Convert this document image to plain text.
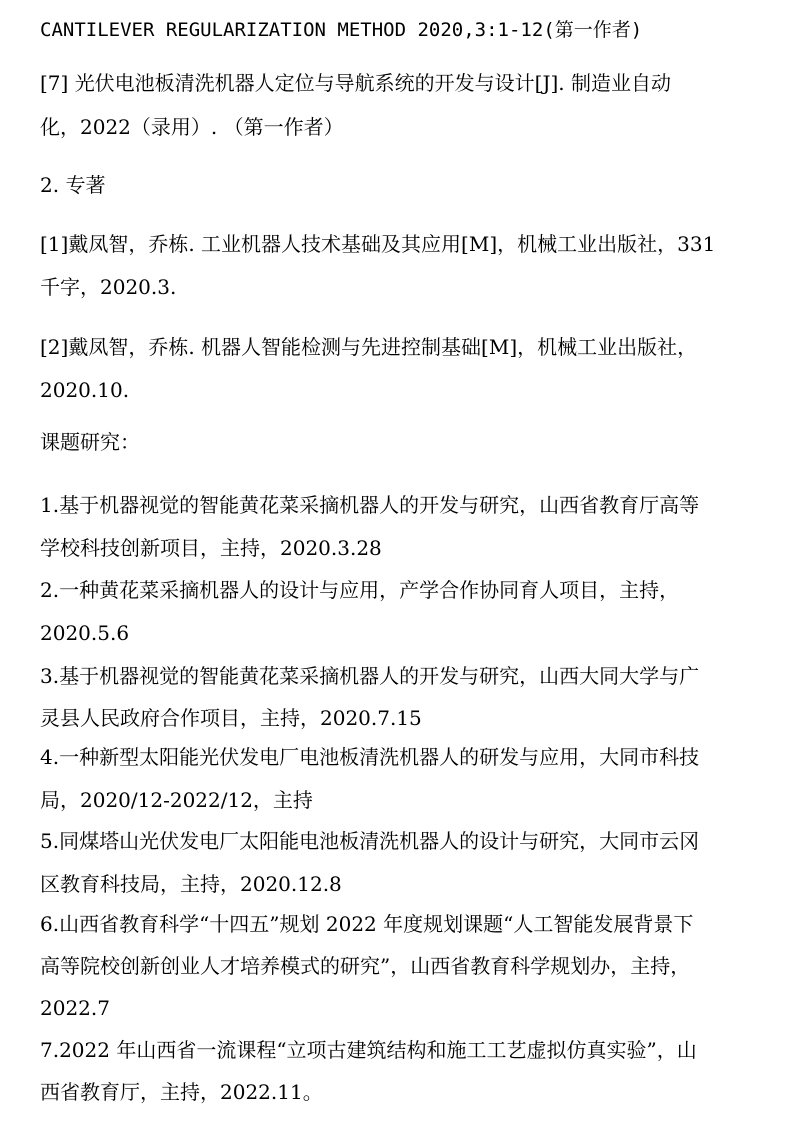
CANTILEVER REGULARIZATION METHOD 2020,3:1-12(第一作者)
[7] 光伏电池板清洗机器人定位与导航系统的开发与设计[J]. 制造业自动
化，2022（录用）. （第一作者）
2. 专著
[1]戴凤智，乔栋. 工业机器人技术基础及其应用[M]，机械工业出版社，331
千字，2020.3.
[2]戴凤智，乔栋. 机器人智能检测与先进控制基础[M]，机械工业出版社，
2020.10.
课题研究：
1.基于机器视觉的智能黄花菜采摘机器人的开发与研究，山西省教育厅高等
学校科技创新项目，主持，2020.3.28
2.一种黄花菜采摘机器人的设计与应用，产学合作协同育人项目，主持，
2020.5.6
3.基于机器视觉的智能黄花菜采摘机器人的开发与研究，山西大同大学与广
灵县人民政府合作项目，主持，2020.7.15
4.一种新型太阳能光伏发电厂电池板清洗机器人的研发与应用，大同市科技
局，2020/12-2022/12，主持
5.同煤塔山光伏发电厂太阳能电池板清洗机器人的设计与研究，大同市云冈
区教育科技局，主持，2020.12.8
6.山西省教育科学“十四五”规划 2022 年度规划课题“人工智能发展背景下
高等院校创新创业人才培养模式的研究”，山西省教育科学规划办，主持，
2022.7
7.2022 年山西省一流课程“立项古建筑结构和施工工艺虚拟仿真实验”，山
西省教育厅，主持，2022.11。
